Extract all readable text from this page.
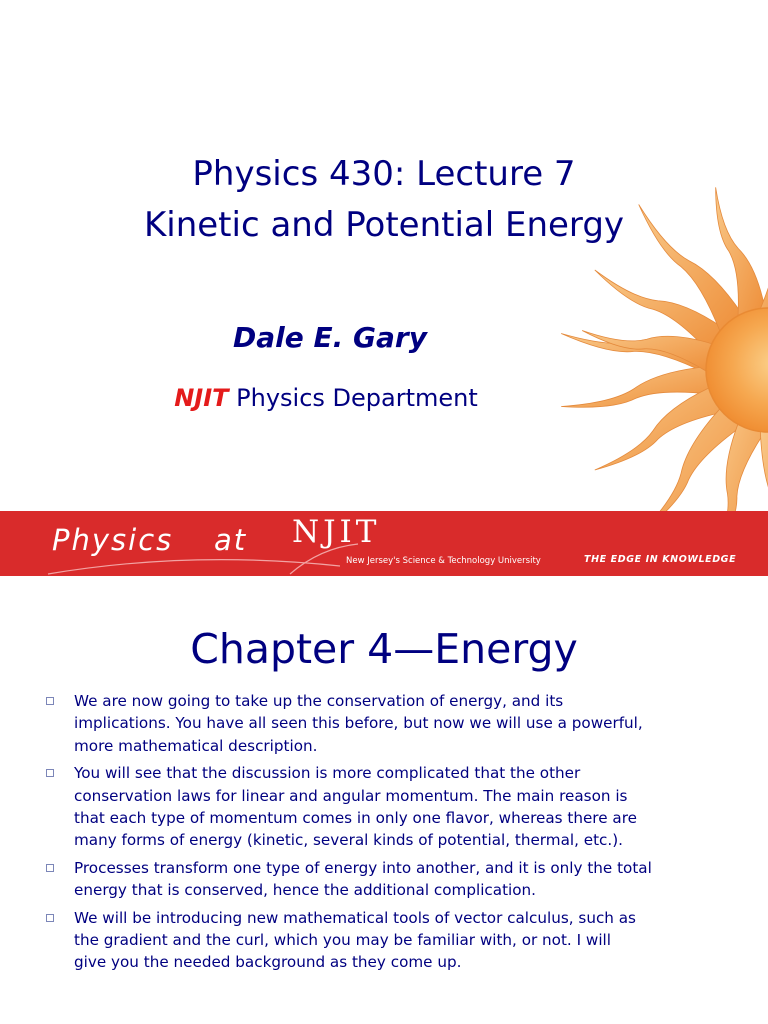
Physics 430: Lecture 7
Kinetic and Potential Energy
Dale E. Gary
NJIT Physics Department
Physics at NJIT
New Jersey's Science & Technology University	THE EDGE IN KNOWLEDGE
Chapter 4—Energy
We are now going to take up the conservation of energy, and its
implications. You have all seen this before, but now we will use a powerful,
more mathematical description.
You will see that the discussion is more complicated that the other
conservation laws for linear and angular momentum. The main reason is
that each type of momentum comes in only one flavor, whereas there are
many forms of energy (kinetic, several kinds of potential, thermal, etc.).
Processes transform one type of energy into another, and it is only the total
energy that is conserved, hence the additional complication.
We will be introducing new mathematical tools of vector calculus, such as
the gradient and the curl, which you may be familiar with, or not. I will
give you the needed background as they come up.
